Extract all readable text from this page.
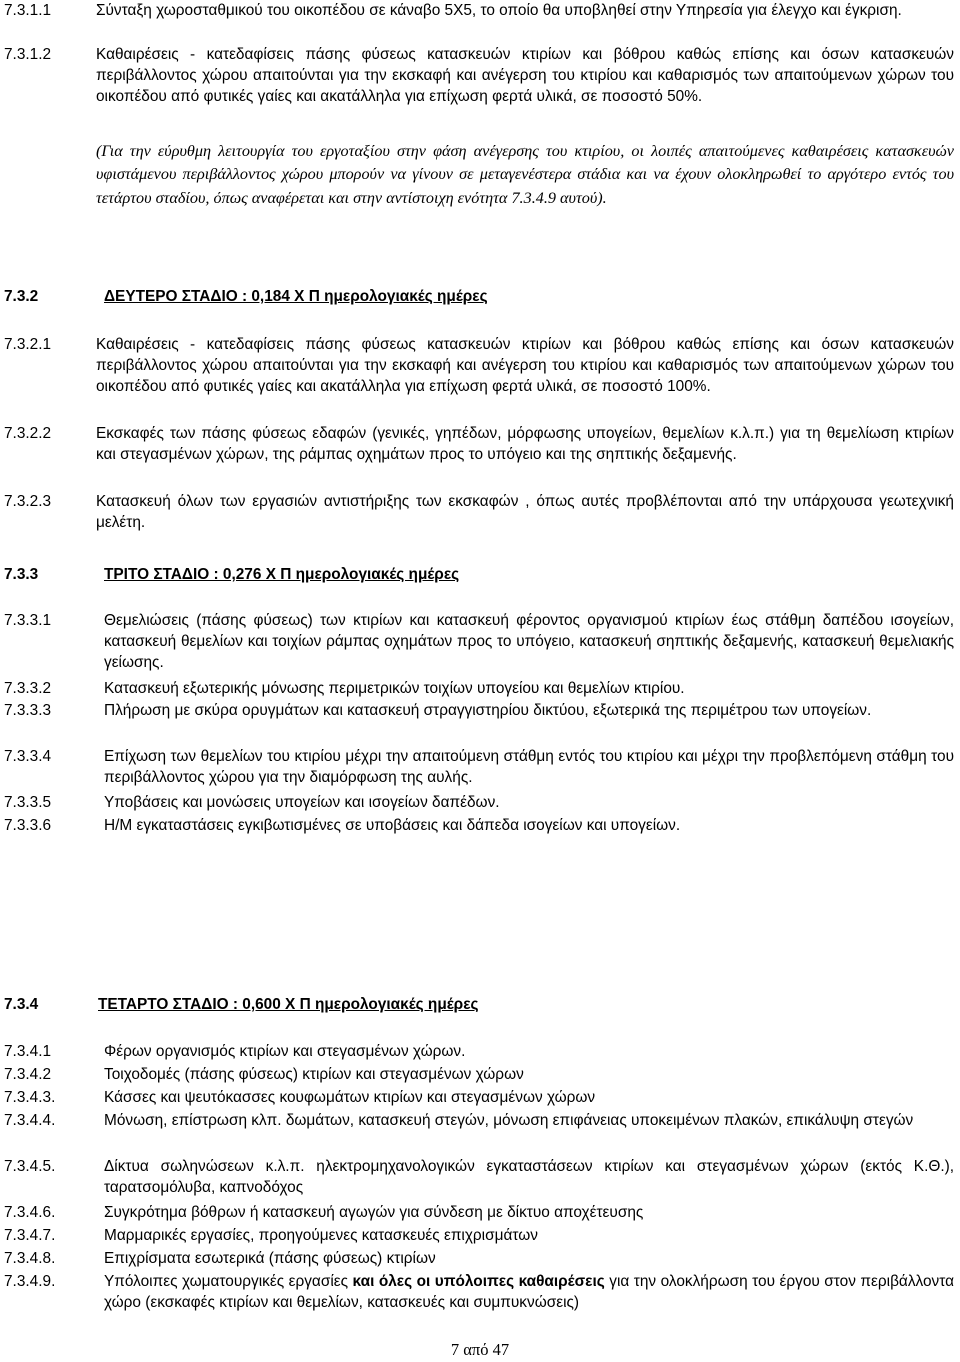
7.3.1.1	Σύνταξη χωροσταθμικού του οικοπέδου σε κάναβο 5Χ5, το οποίο θα υποβληθεί στην Υπηρεσία για έλεγχο και έγκριση.
7.3.1.2	Καθαιρέσεις - κατεδαφίσεις πάσης φύσεως κατασκευών κτιρίων και βόθρου καθώς επίσης και όσων κατασκευών περιβάλλοντος χώρου απαιτούνται για την εκσκαφή και ανέγερση του κτιρίου και καθαρισμός των απαιτούμενων χώρων του οικοπέδου από φυτικές γαίες και ακατάλληλα για επίχωση φερτά υλικά, σε ποσοστό 50%.
(Για την εύρυθμη λειτουργία του εργοταξίου στην φάση ανέγερσης του κτιρίου, οι λοιπές απαιτούμενες καθαιρέσεις κατασκευών υφιστάμενου περιβάλλοντος χώρου μπορούν να γίνουν σε μεταγενέστερα στάδια και να έχουν ολοκληρωθεί το αργότερο εντός του τετάρτου σταδίου, όπως αναφέρεται και στην αντίστοιχη ενότητα 7.3.4.9 αυτού).
7.3.2	ΔΕΥΤΕΡΟ ΣΤΑΔΙΟ : 0,184 Χ Π ημερολογιακές ημέρες
7.3.2.1	Καθαιρέσεις - κατεδαφίσεις πάσης φύσεως κατασκευών κτιρίων και βόθρου καθώς επίσης και όσων κατασκευών περιβάλλοντος χώρου απαιτούνται για την εκσκαφή και ανέγερση του κτιρίου και καθαρισμός των απαιτούμενων χώρων του οικοπέδου από φυτικές γαίες και ακατάλληλα για επίχωση φερτά υλικά, σε ποσοστό 100%.
7.3.2.2	Εκσκαφές των πάσης φύσεως εδαφών (γενικές, γηπέδων, μόρφωσης υπογείων, θεμελίων κ.λ.π.) για τη θεμελίωση κτιρίων και στεγασμένων χώρων, της ράμπας οχημάτων προς το υπόγειο και της σηπτικής δεξαμενής.
7.3.2.3	Κατασκευή όλων των εργασιών αντιστήριξης των εκσκαφών , όπως αυτές προβλέπονται από την υπάρχουσα γεωτεχνική μελέτη.
7.3.3	ΤΡΙΤΟ ΣΤΑΔΙΟ : 0,276 Χ Π ημερολογιακές ημέρες
7.3.3.1	Θεμελιώσεις (πάσης φύσεως) των κτιρίων και κατασκευή φέροντος οργανισμού κτιρίων έως στάθμη δαπέδου ισογείων, κατασκευή θεμελίων και τοιχίων ράμπας οχημάτων προς το υπόγειο, κατασκευή σηπτικής δεξαμενής, κατασκευή θεμελιακής γείωσης.
7.3.3.2	Κατασκευή εξωτερικής μόνωσης περιμετρικών τοιχίων υπογείου και θεμελίων κτιρίου.
7.3.3.3	Πλήρωση με σκύρα ορυγμάτων και κατασκευή στραγγιστηρίου δικτύου, εξωτερικά της περιμέτρου των υπογείων.
7.3.3.4	Επίχωση των θεμελίων του κτιρίου μέχρι την απαιτούμενη στάθμη εντός του κτιρίου και μέχρι την προβλεπόμενη στάθμη του περιβάλλοντος χώρου για την διαμόρφωση της αυλής.
7.3.3.5	Υποβάσεις και μονώσεις υπογείων και ισογείων δαπέδων.
7.3.3.6	Η/Μ εγκαταστάσεις εγκιβωτισμένες σε υποβάσεις και δάπεδα ισογείων και υπογείων.
7.3.4	ΤΕΤΑΡΤΟ ΣΤΑΔΙΟ : 0,600 Χ Π ημερολογιακές ημέρες
7.3.4.1	Φέρων οργανισμός κτιρίων και στεγασμένων χώρων.
7.3.4.2	Τοιχοδομές (πάσης φύσεως) κτιρίων και στεγασμένων χώρων
7.3.4.3.	Κάσσες και ψευτόκασσες κουφωμάτων κτιρίων και στεγασμένων χώρων
7.3.4.4.	Μόνωση, επίστρωση κλπ. δωμάτων, κατασκευή στεγών, μόνωση επιφάνειας υποκειμένων πλακών, επικάλυψη στεγών
7.3.4.5.	Δίκτυα σωληνώσεων κ.λ.π. ηλεκτρομηχανολογικών εγκαταστάσεων κτιρίων και στεγασμένων χώρων (εκτός Κ.Θ.), ταρατσομόλυβα, καπνοδόχος
7.3.4.6.	Συγκρότημα βόθρων ή κατασκευή αγωγών για σύνδεση με δίκτυο αποχέτευσης
7.3.4.7.	Μαρμαρικές εργασίες, προηγούμενες κατασκευές επιχρισμάτων
7.3.4.8.	Επιχρίσματα εσωτερικά (πάσης φύσεως) κτιρίων
7.3.4.9.	Υπόλοιπες χωματουργικές εργασίες και όλες οι υπόλοιπες καθαιρέσεις για την ολοκλήρωση του έργου στον περιβάλλοντα χώρο (εκσκαφές κτιρίων και θεμελίων, κατασκευές και συμπυκνώσεις)
7 από 47
